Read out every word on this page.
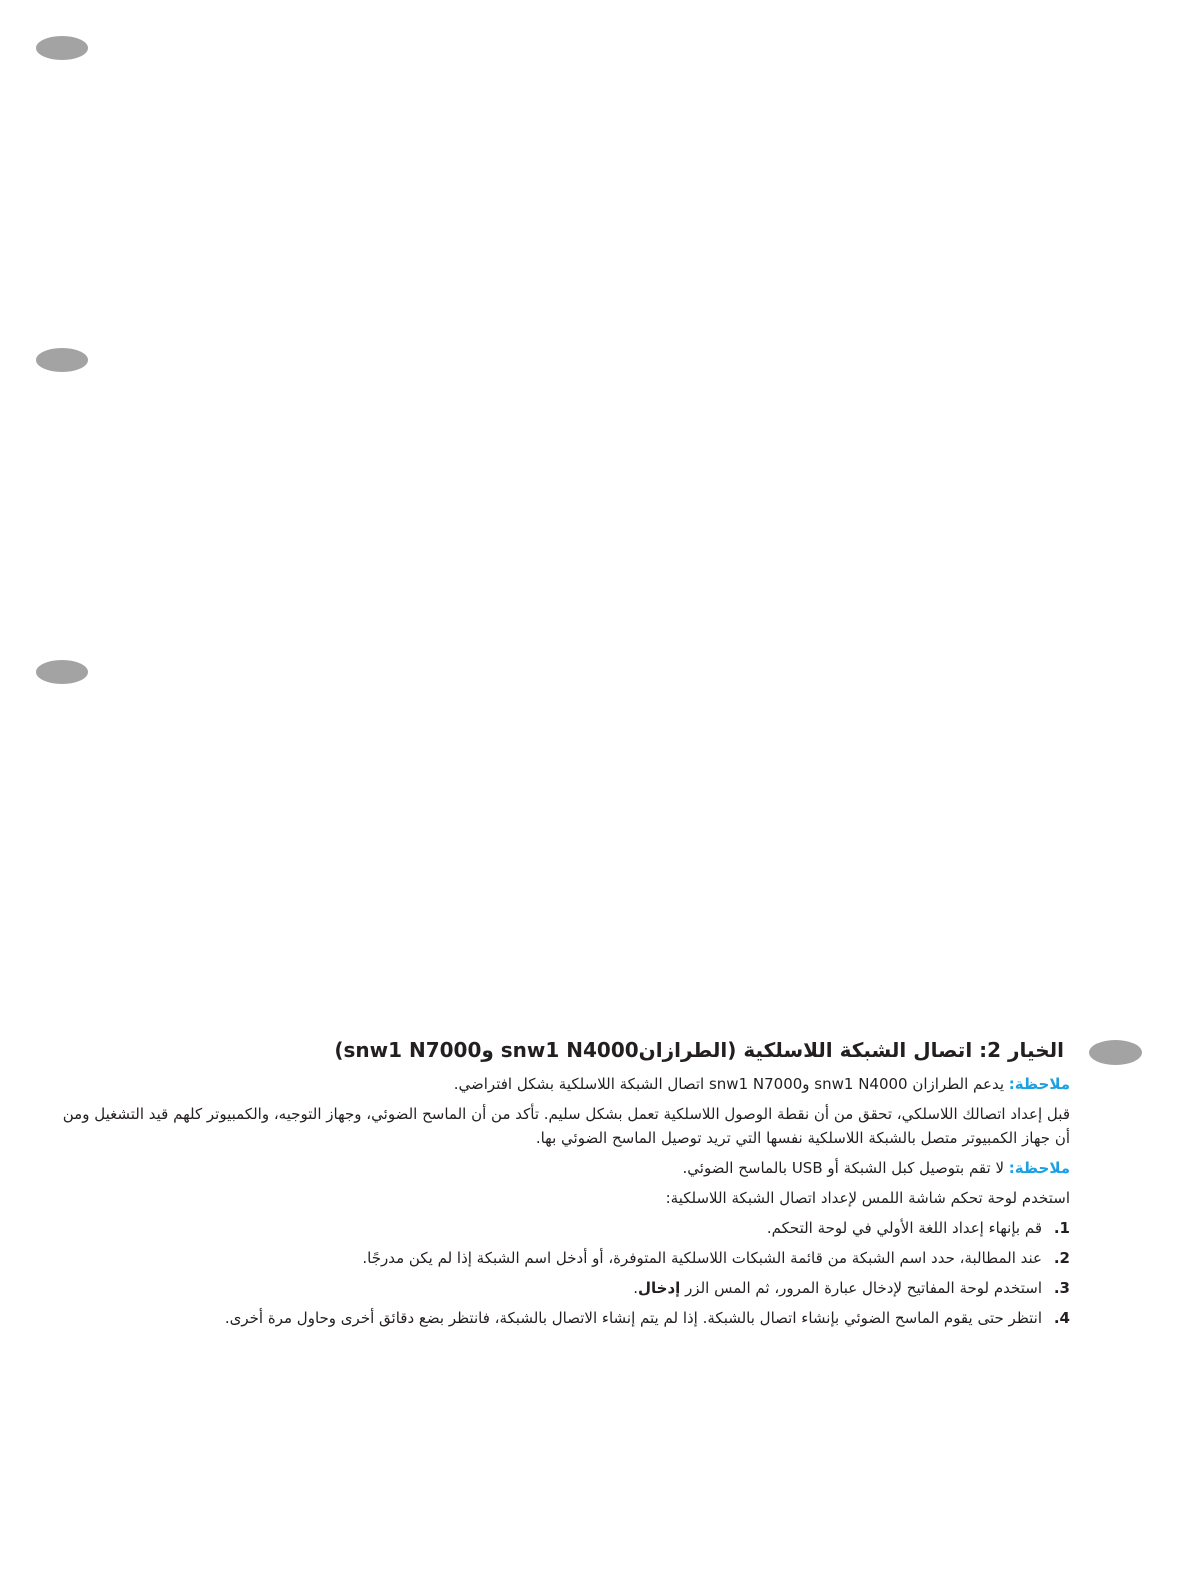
الخيار 2: اتصال الشبكة اللاسلكية (الطرازان‎snw1 N4000 وsnw1 N7000)

ملاحظة: يدعم الطرازان snw1 N4000 وsnw1 N7000 اتصال الشبكة اللاسلكية بشكل افتراضي.

قبل إعداد اتصالك اللاسلكي، تحقق من أن نقطة الوصول اللاسلكية تعمل بشكل سليم. تأكد من أن الماسح الضوئي، وجهاز التوجيه، والكمبيوتر كلهم قيد التشغيل ومن أن جهاز الكمبيوتر متصل بالشبكة اللاسلكية نفسها التي تريد توصيل الماسح الضوئي بها.

ملاحظة: لا تقم بتوصيل كبل الشبكة أو USB بالماسح الضوئي.

استخدم لوحة تحكم شاشة اللمس لإعداد اتصال الشبكة اللاسلكية:

.1
قم بإنهاء إعداد اللغة الأولي في لوحة التحكم.
.2
عند المطالبة، حدد اسم الشبكة من قائمة الشبكات اللاسلكية المتوفرة، أو أدخل اسم الشبكة إذا لم يكن مدرجًا.
.3
استخدم لوحة المفاتيح لإدخال عبارة المرور، ثم المس الزر إدخال.
.4
انتظر حتى يقوم الماسح الضوئي بإنشاء اتصال بالشبكة. إذا لم يتم إنشاء الاتصال بالشبكة، فانتظر بضع دقائق أخرى وحاول مرة أخرى.
